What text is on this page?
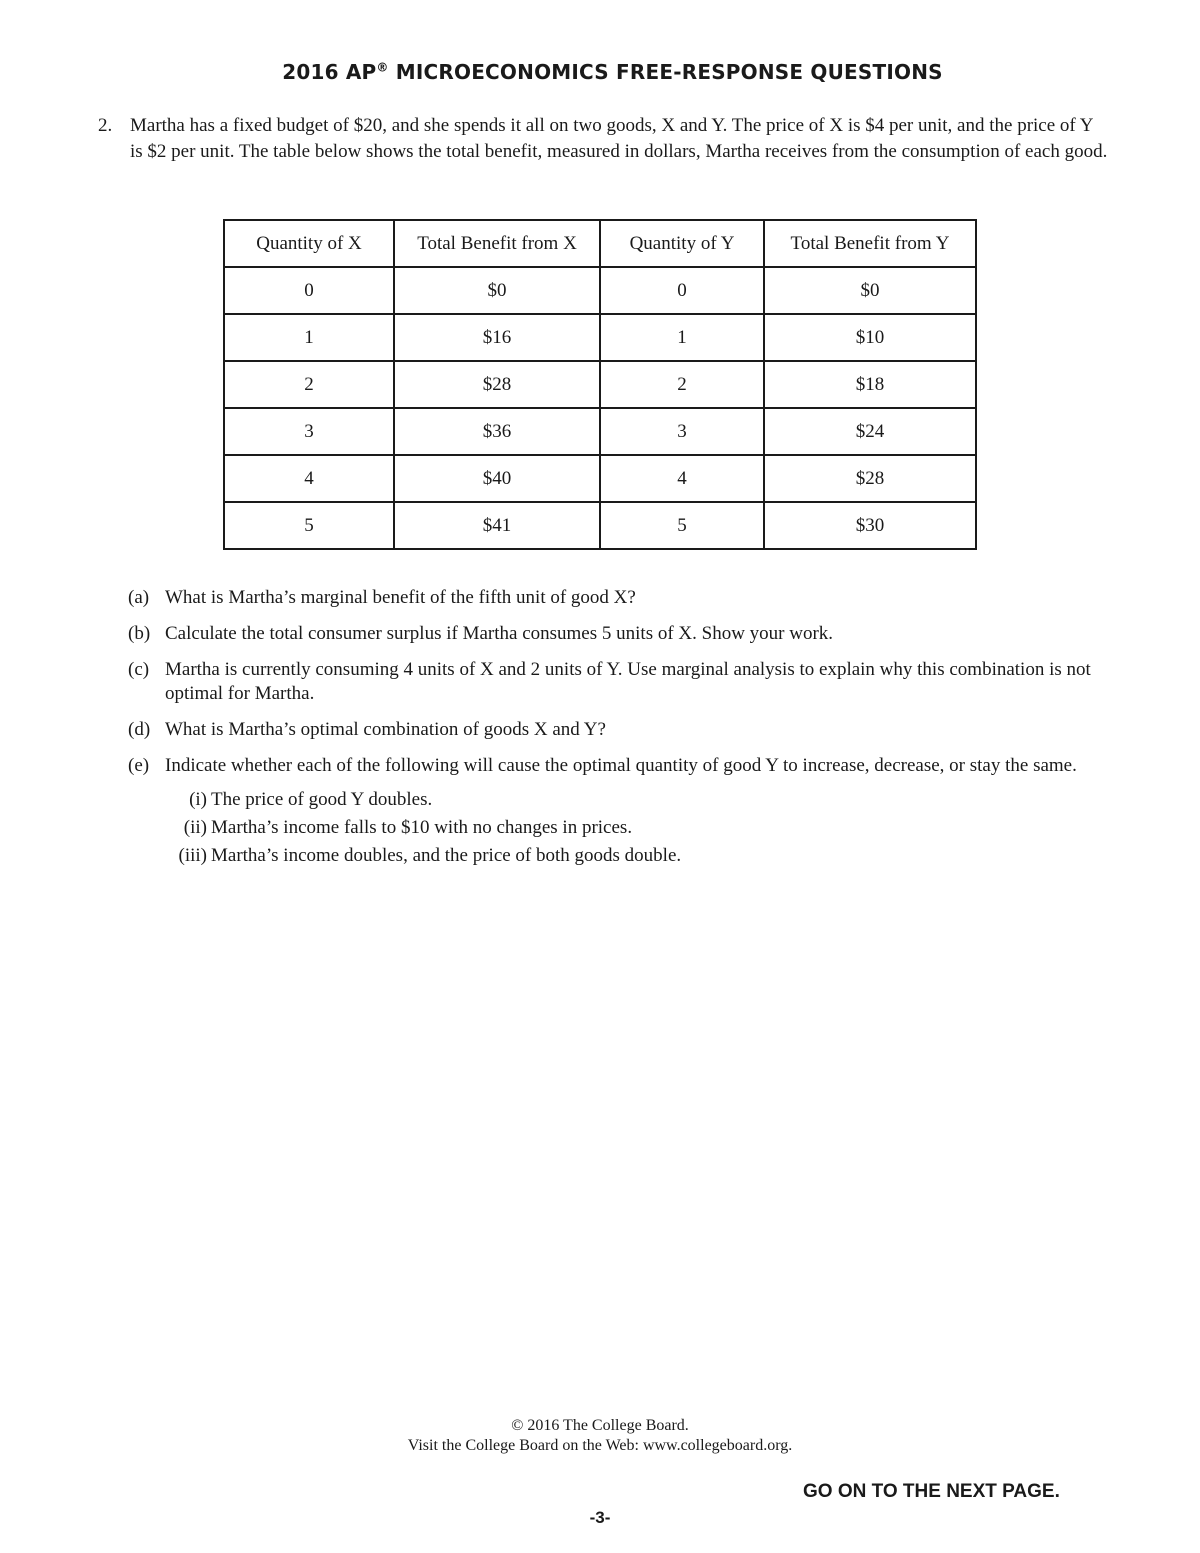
2016 AP® MICROECONOMICS FREE-RESPONSE QUESTIONS
2. Martha has a fixed budget of $20, and she spends it all on two goods, X and Y. The price of X is $4 per unit, and the price of Y is $2 per unit. The table below shows the total benefit, measured in dollars, Martha receives from the consumption of each good.
Quantity of X	Total Benefit from X	Quantity of Y	Total Benefit from Y
0	$0	0	$0
1	$16	1	$10
2	$28	2	$18
3	$36	3	$24
4	$40	4	$28
5	$41	5	$30
(a) What is Martha’s marginal benefit of the fifth unit of good X?
(b) Calculate the total consumer surplus if Martha consumes 5 units of X. Show your work.
(c) Martha is currently consuming 4 units of X and 2 units of Y. Use marginal analysis to explain why this combination is not optimal for Martha.
(d) What is Martha’s optimal combination of goods X and Y?
(e) Indicate whether each of the following will cause the optimal quantity of good Y to increase, decrease, or stay the same.
(i) The price of good Y doubles.
(ii) Martha’s income falls to $10 with no changes in prices.
(iii) Martha’s income doubles, and the price of both goods double.
© 2016 The College Board.
Visit the College Board on the Web: www.collegeboard.org.
GO ON TO THE NEXT PAGE.
-3-
